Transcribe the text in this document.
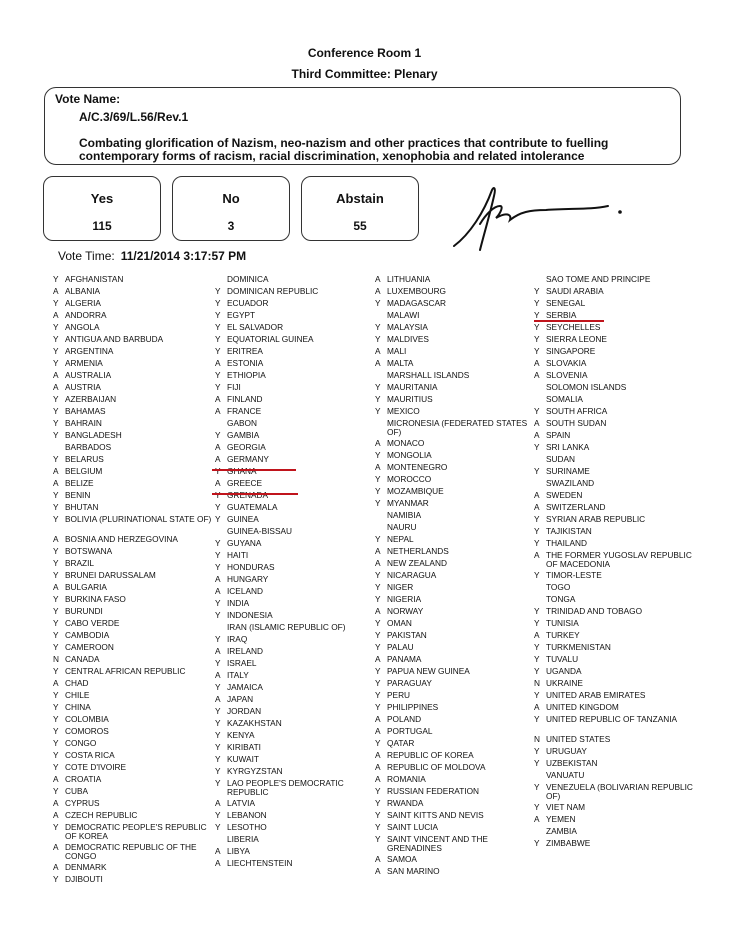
Conference Room 1
Third Committee: Plenary
Vote Name:
A/C.3/69/L.56/Rev.1
Combating glorification of Nazism, neo-nazism and other practices that contribute to fuelling contemporary forms of racism, racial discrimination, xenophobia and related intolerance
Yes
115
No
3
Abstain
55
Vote Time: 11/21/2014 3:17:57 PM
Y AFGHANISTAN
A ALBANIA
Y ALGERIA
A ANDORRA
Y ANGOLA
Y ANTIGUA AND BARBUDA
Y ARGENTINA
Y ARMENIA
A AUSTRALIA
A AUSTRIA
Y AZERBAIJAN
Y BAHAMAS
Y BAHRAIN
Y BANGLADESH
BARBADOS
Y BELARUS
A BELGIUM
A BELIZE
Y BENIN
Y BHUTAN
Y BOLIVIA (PLURINATIONAL STATE OF)
A BOSNIA AND HERZEGOVINA
Y BOTSWANA
Y BRAZIL
Y BRUNEI DARUSSALAM
A BULGARIA
Y BURKINA FASO
Y BURUNDI
Y CABO VERDE
Y CAMBODIA
Y CAMEROON
N CANADA
Y CENTRAL AFRICAN REPUBLIC
A CHAD
Y CHILE
Y CHINA
Y COLOMBIA
Y COMOROS
Y CONGO
Y COSTA RICA
Y COTE D'IVOIRE
A CROATIA
Y CUBA
A CYPRUS
A CZECH REPUBLIC
Y DEMOCRATIC PEOPLE'S REPUBLIC OF KOREA
A DEMOCRATIC REPUBLIC OF THE CONGO
A DENMARK
Y DJIBOUTI
DOMINICA
Y DOMINICAN REPUBLIC
Y ECUADOR
Y EGYPT
Y EL SALVADOR
Y EQUATORIAL GUINEA
Y ERITREA
A ESTONIA
Y ETHIOPIA
Y FIJI
A FINLAND
A FRANCE
GABON
Y GAMBIA
A GEORGIA
A GERMANY
Y GHANA
A GREECE
Y GRENADA
Y GUATEMALA
Y GUINEA
GUINEA-BISSAU
Y GUYANA
Y HAITI
Y HONDURAS
A HUNGARY
A ICELAND
Y INDIA
Y INDONESIA
IRAN (ISLAMIC REPUBLIC OF)
Y IRAQ
A IRELAND
Y ISRAEL
A ITALY
Y JAMAICA
A JAPAN
Y JORDAN
Y KAZAKHSTAN
Y KENYA
Y KIRIBATI
Y KUWAIT
Y KYRGYZSTAN
Y LAO PEOPLE'S DEMOCRATIC REPUBLIC
A LATVIA
Y LEBANON
Y LESOTHO
LIBERIA
A LIBYA
A LIECHTENSTEIN
A LITHUANIA
A LUXEMBOURG
Y MADAGASCAR
MALAWI
Y MALAYSIA
Y MALDIVES
A MALI
A MALTA
MARSHALL ISLANDS
Y MAURITANIA
Y MAURITIUS
Y MEXICO
MICRONESIA (FEDERATED STATES OF)
A MONACO
Y MONGOLIA
A MONTENEGRO
Y MOROCCO
Y MOZAMBIQUE
Y MYANMAR
NAMIBIA
NAURU
Y NEPAL
A NETHERLANDS
A NEW ZEALAND
Y NICARAGUA
Y NIGER
Y NIGERIA
A NORWAY
Y OMAN
Y PAKISTAN
Y PALAU
A PANAMA
Y PAPUA NEW GUINEA
Y PARAGUAY
Y PERU
Y PHILIPPINES
A POLAND
A PORTUGAL
Y QATAR
A REPUBLIC OF KOREA
A REPUBLIC OF MOLDOVA
A ROMANIA
Y RUSSIAN FEDERATION
Y RWANDA
Y SAINT KITTS AND NEVIS
Y SAINT LUCIA
Y SAINT VINCENT AND THE GRENADINES
A SAMOA
A SAN MARINO
SAO TOME AND PRINCIPE
Y SAUDI ARABIA
Y SENEGAL
Y SERBIA
Y SEYCHELLES
Y SIERRA LEONE
Y SINGAPORE
A SLOVAKIA
A SLOVENIA
SOLOMON ISLANDS
SOMALIA
Y SOUTH AFRICA
A SOUTH SUDAN
A SPAIN
Y SRI LANKA
SUDAN
Y SURINAME
SWAZILAND
A SWEDEN
A SWITZERLAND
Y SYRIAN ARAB REPUBLIC
Y TAJIKISTAN
Y THAILAND
A THE FORMER YUGOSLAV REPUBLIC OF MACEDONIA
Y TIMOR-LESTE
TOGO
TONGA
Y TRINIDAD AND TOBAGO
Y TUNISIA
A TURKEY
Y TURKMENISTAN
Y TUVALU
Y UGANDA
N UKRAINE
Y UNITED ARAB EMIRATES
A UNITED KINGDOM
Y UNITED REPUBLIC OF TANZANIA
N UNITED STATES
Y URUGUAY
Y UZBEKISTAN
VANUATU
Y VENEZUELA (BOLIVARIAN REPUBLIC OF)
Y VIET NAM
A YEMEN
ZAMBIA
Y ZIMBABWE
